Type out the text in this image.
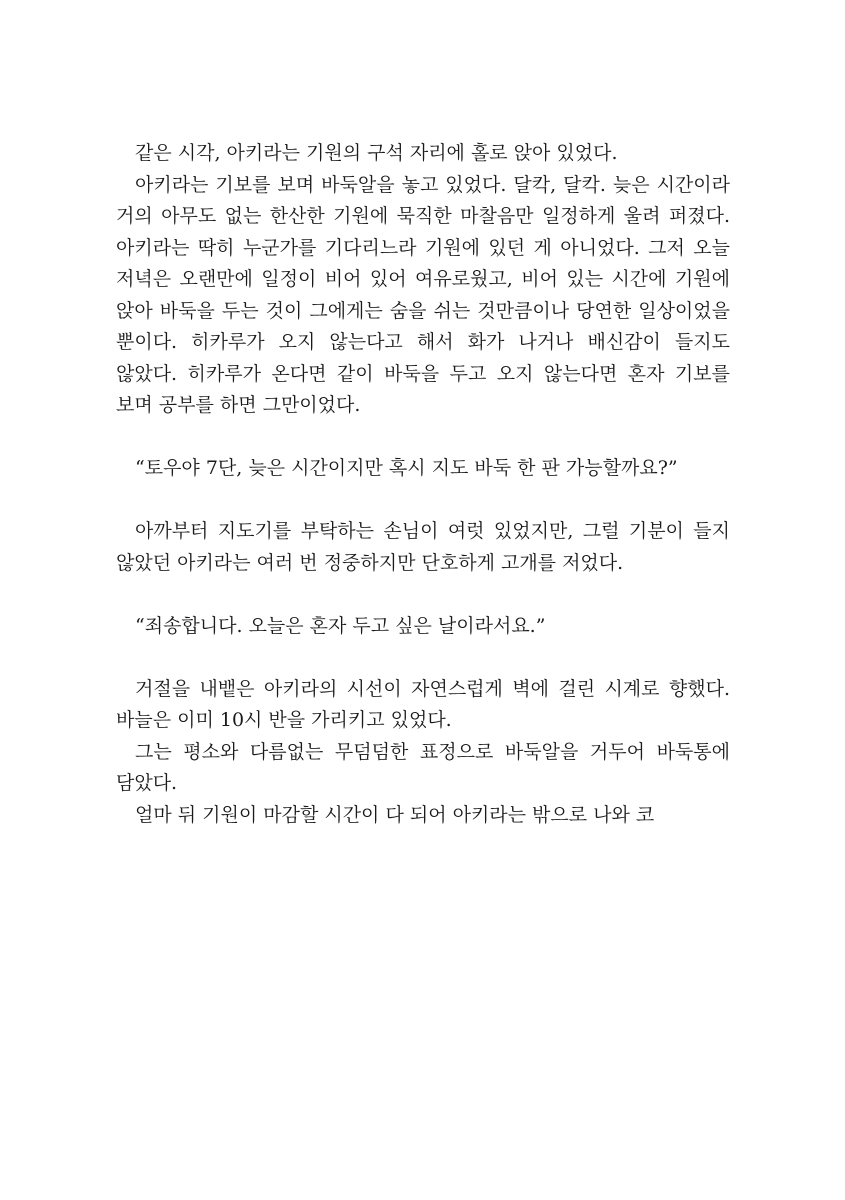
같은 시각, 아키라는 기원의 구석 자리에 홀로 앉아 있었다.

아키라는 기보를 보며 바둑알을 놓고 있었다. 달칵, 달칵. 늦은 시간이라 거의 아무도 없는 한산한 기원에 묵직한 마찰음만 일정하게 울려 퍼졌다. 아키라는 딱히 누군가를 기다리느라 기원에 있던 게 아니었다. 그저 오늘 저녁은 오랜만에 일정이 비어 있어 여유로웠고, 비어 있는 시간에 기원에 앉아 바둑을 두는 것이 그에게는 숨을 쉬는 것만큼이나 당연한 일상이었을 뿐이다. 히카루가 오지 않는다고 해서 화가 나거나 배신감이 들지도 않았다. 히카루가 온다면 같이 바둑을 두고 오지 않는다면 혼자 기보를 보며 공부를 하면 그만이었다.

“토우야 7단, 늦은 시간이지만 혹시 지도 바둑 한 판 가능할까요?”

아까부터 지도기를 부탁하는 손님이 여럿 있었지만, 그럴 기분이 들지 않았던 아키라는 여러 번 정중하지만 단호하게 고개를 저었다.

“죄송합니다. 오늘은 혼자 두고 싶은 날이라서요.”

거절을 내뱉은 아키라의 시선이 자연스럽게 벽에 걸린 시계로 향했다. 바늘은 이미 10시 반을 가리키고 있었다.

그는 평소와 다름없는 무덤덤한 표정으로 바둑알을 거두어 바둑통에 담았다.

얼마 뒤 기원이 마감할 시간이 다 되어 아키라는 밖으로 나와 코
